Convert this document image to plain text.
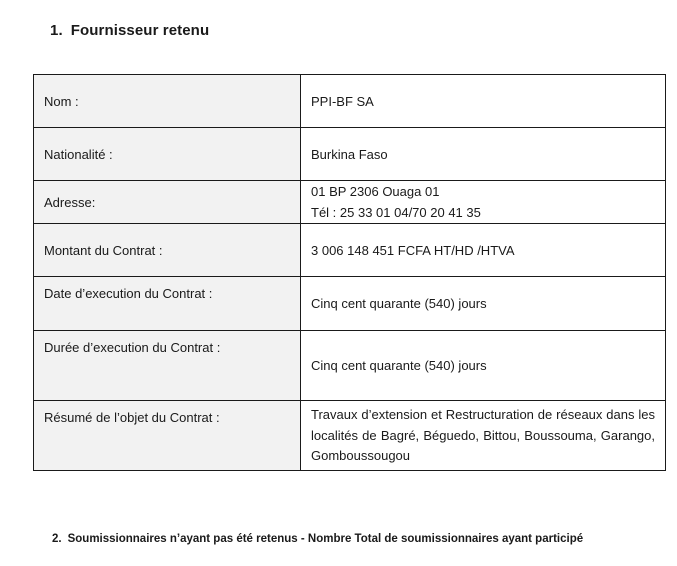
1. Fournisseur retenu
Nom :	PPI-BF SA
Nationalité :	Burkina Faso
Adresse:	01 BP 2306 Ouaga 01
Tél : 25 33 01 04/70 20 41 35

Montant du Contrat :	3 006 148 451 FCFA HT/HD /HTVA
Date d’execution du Contrat :	Cinq cent quarante (540) jours
Durée d’execution du Contrat :	Cinq cent quarante (540) jours
Résumé de l’objet du Contrat :	Travaux d’extension et Restructuration de réseaux dans les localités de Bagré, Béguedo, Bittou, Boussouma, Garango, Gomboussougou
2. Soumissionnaires n’ayant pas été retenus - Nombre Total de soumissionnaires ayant participé
